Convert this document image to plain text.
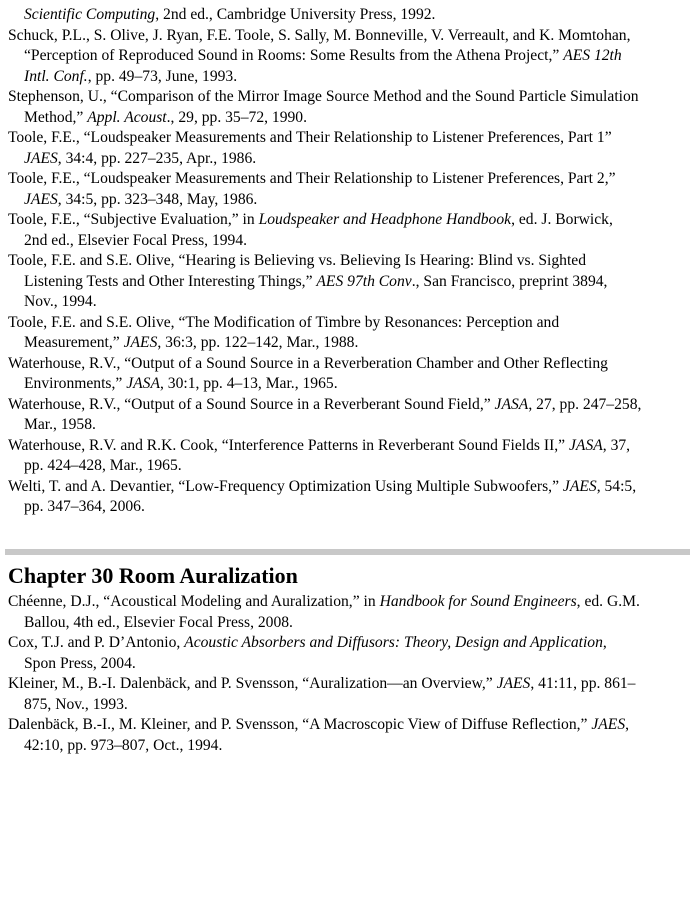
Scientific Computing, 2nd ed., Cambridge University Press, 1992.

Schuck, P.L., S. Olive, J. Ryan, F.E. Toole, S. Sally, M. Bonneville, V. Verreault, and K. Momtohan,
“Perception of Reproduced Sound in Rooms: Some Results from the Athena Project,” AES 12th
Intl. Conf., pp. 49–73, June, 1993.

Stephenson, U., “Comparison of the Mirror Image Source Method and the Sound Particle Simulation
Method,” Appl. Acoust., 29, pp. 35–72, 1990.

Toole, F.E., “Loudspeaker Measurements and Their Relationship to Listener Preferences, Part 1”
JAES, 34:4, pp. 227–235, Apr., 1986.

Toole, F.E., “Loudspeaker Measurements and Their Relationship to Listener Preferences, Part 2,”
JAES, 34:5, pp. 323–348, May, 1986.

Toole, F.E., “Subjective Evaluation,” in Loudspeaker and Headphone Handbook, ed. J. Borwick,
2nd ed., Elsevier Focal Press, 1994.

Toole, F.E. and S.E. Olive, “Hearing is Believing vs. Believing Is Hearing: Blind vs. Sighted
Listening Tests and Other Interesting Things,” AES 97th Conv., San Francisco, preprint 3894,
Nov., 1994.

Toole, F.E. and S.E. Olive, “The Modification of Timbre by Resonances: Perception and
Measurement,” JAES, 36:3, pp. 122–142, Mar., 1988.

Waterhouse, R.V., “Output of a Sound Source in a Reverberation Chamber and Other Reflecting
Environments,” JASA, 30:1, pp. 4–13, Mar., 1965.

Waterhouse, R.V., “Output of a Sound Source in a Reverberant Sound Field,” JASA, 27, pp. 247–258,
Mar., 1958.

Waterhouse, R.V. and R.K. Cook, “Interference Patterns in Reverberant Sound Fields II,” JASA, 37,
pp. 424–428, Mar., 1965.

Welti, T. and A. Devantier, “Low-Frequency Optimization Using Multiple Subwoofers,” JAES, 54:5,
pp. 347–364, 2006.

Chapter 30 Room Auralization

Chéenne, D.J., “Acoustical Modeling and Auralization,” in Handbook for Sound Engineers, ed. G.M.
Ballou, 4th ed., Elsevier Focal Press, 2008.

Cox, T.J. and P. D’Antonio, Acoustic Absorbers and Diffusors: Theory, Design and Application,
Spon Press, 2004.

Kleiner, M., B.-I. Dalenbäck, and P. Svensson, “Auralization—an Overview,” JAES, 41:11, pp. 861–
875, Nov., 1993.

Dalenbäck, B.-I., M. Kleiner, and P. Svensson, “A Macroscopic View of Diffuse Reflection,” JAES,
42:10, pp. 973–807, Oct., 1994.
